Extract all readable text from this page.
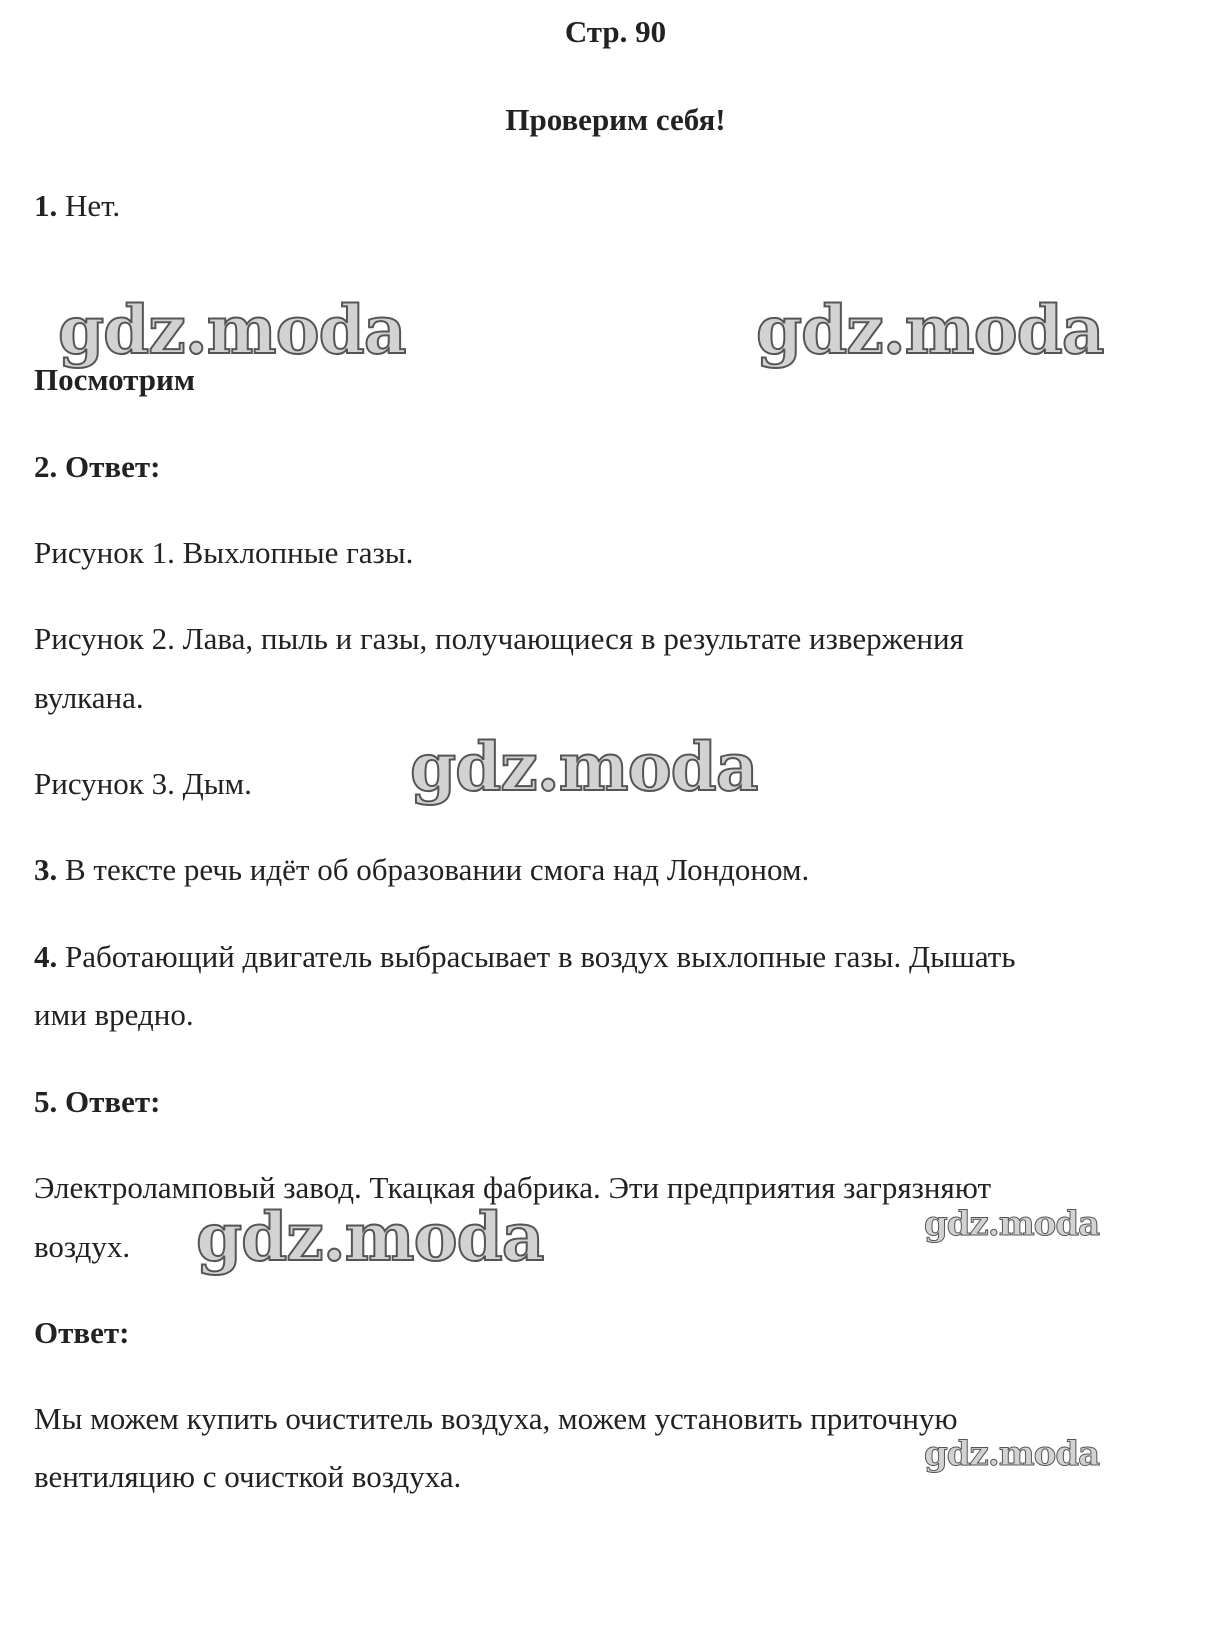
Стр. 90
Проверим себя!
1. Нет.
Посмотрим
2. Ответ:
Рисунок 1. Выхлопные газы.
Рисунок 2. Лава, пыль и газы, получающиеся в результате извержения
вулкана.
Рисунок 3. Дым.
3. В тексте речь идёт об образовании смога над Лондоном.
4. Работающий двигатель выбрасывает в воздух выхлопные газы. Дышать
ими вредно.
5. Ответ:
Электроламповый завод. Ткацкая фабрика. Эти предприятия загрязняют
воздух.
Ответ:
Мы можем купить очиститель воздуха, можем установить приточную
вентиляцию с очисткой воздуха.
gdz.moda	gdz.moda
gdz.moda
gdz.moda	gdz.moda
gdz.moda
